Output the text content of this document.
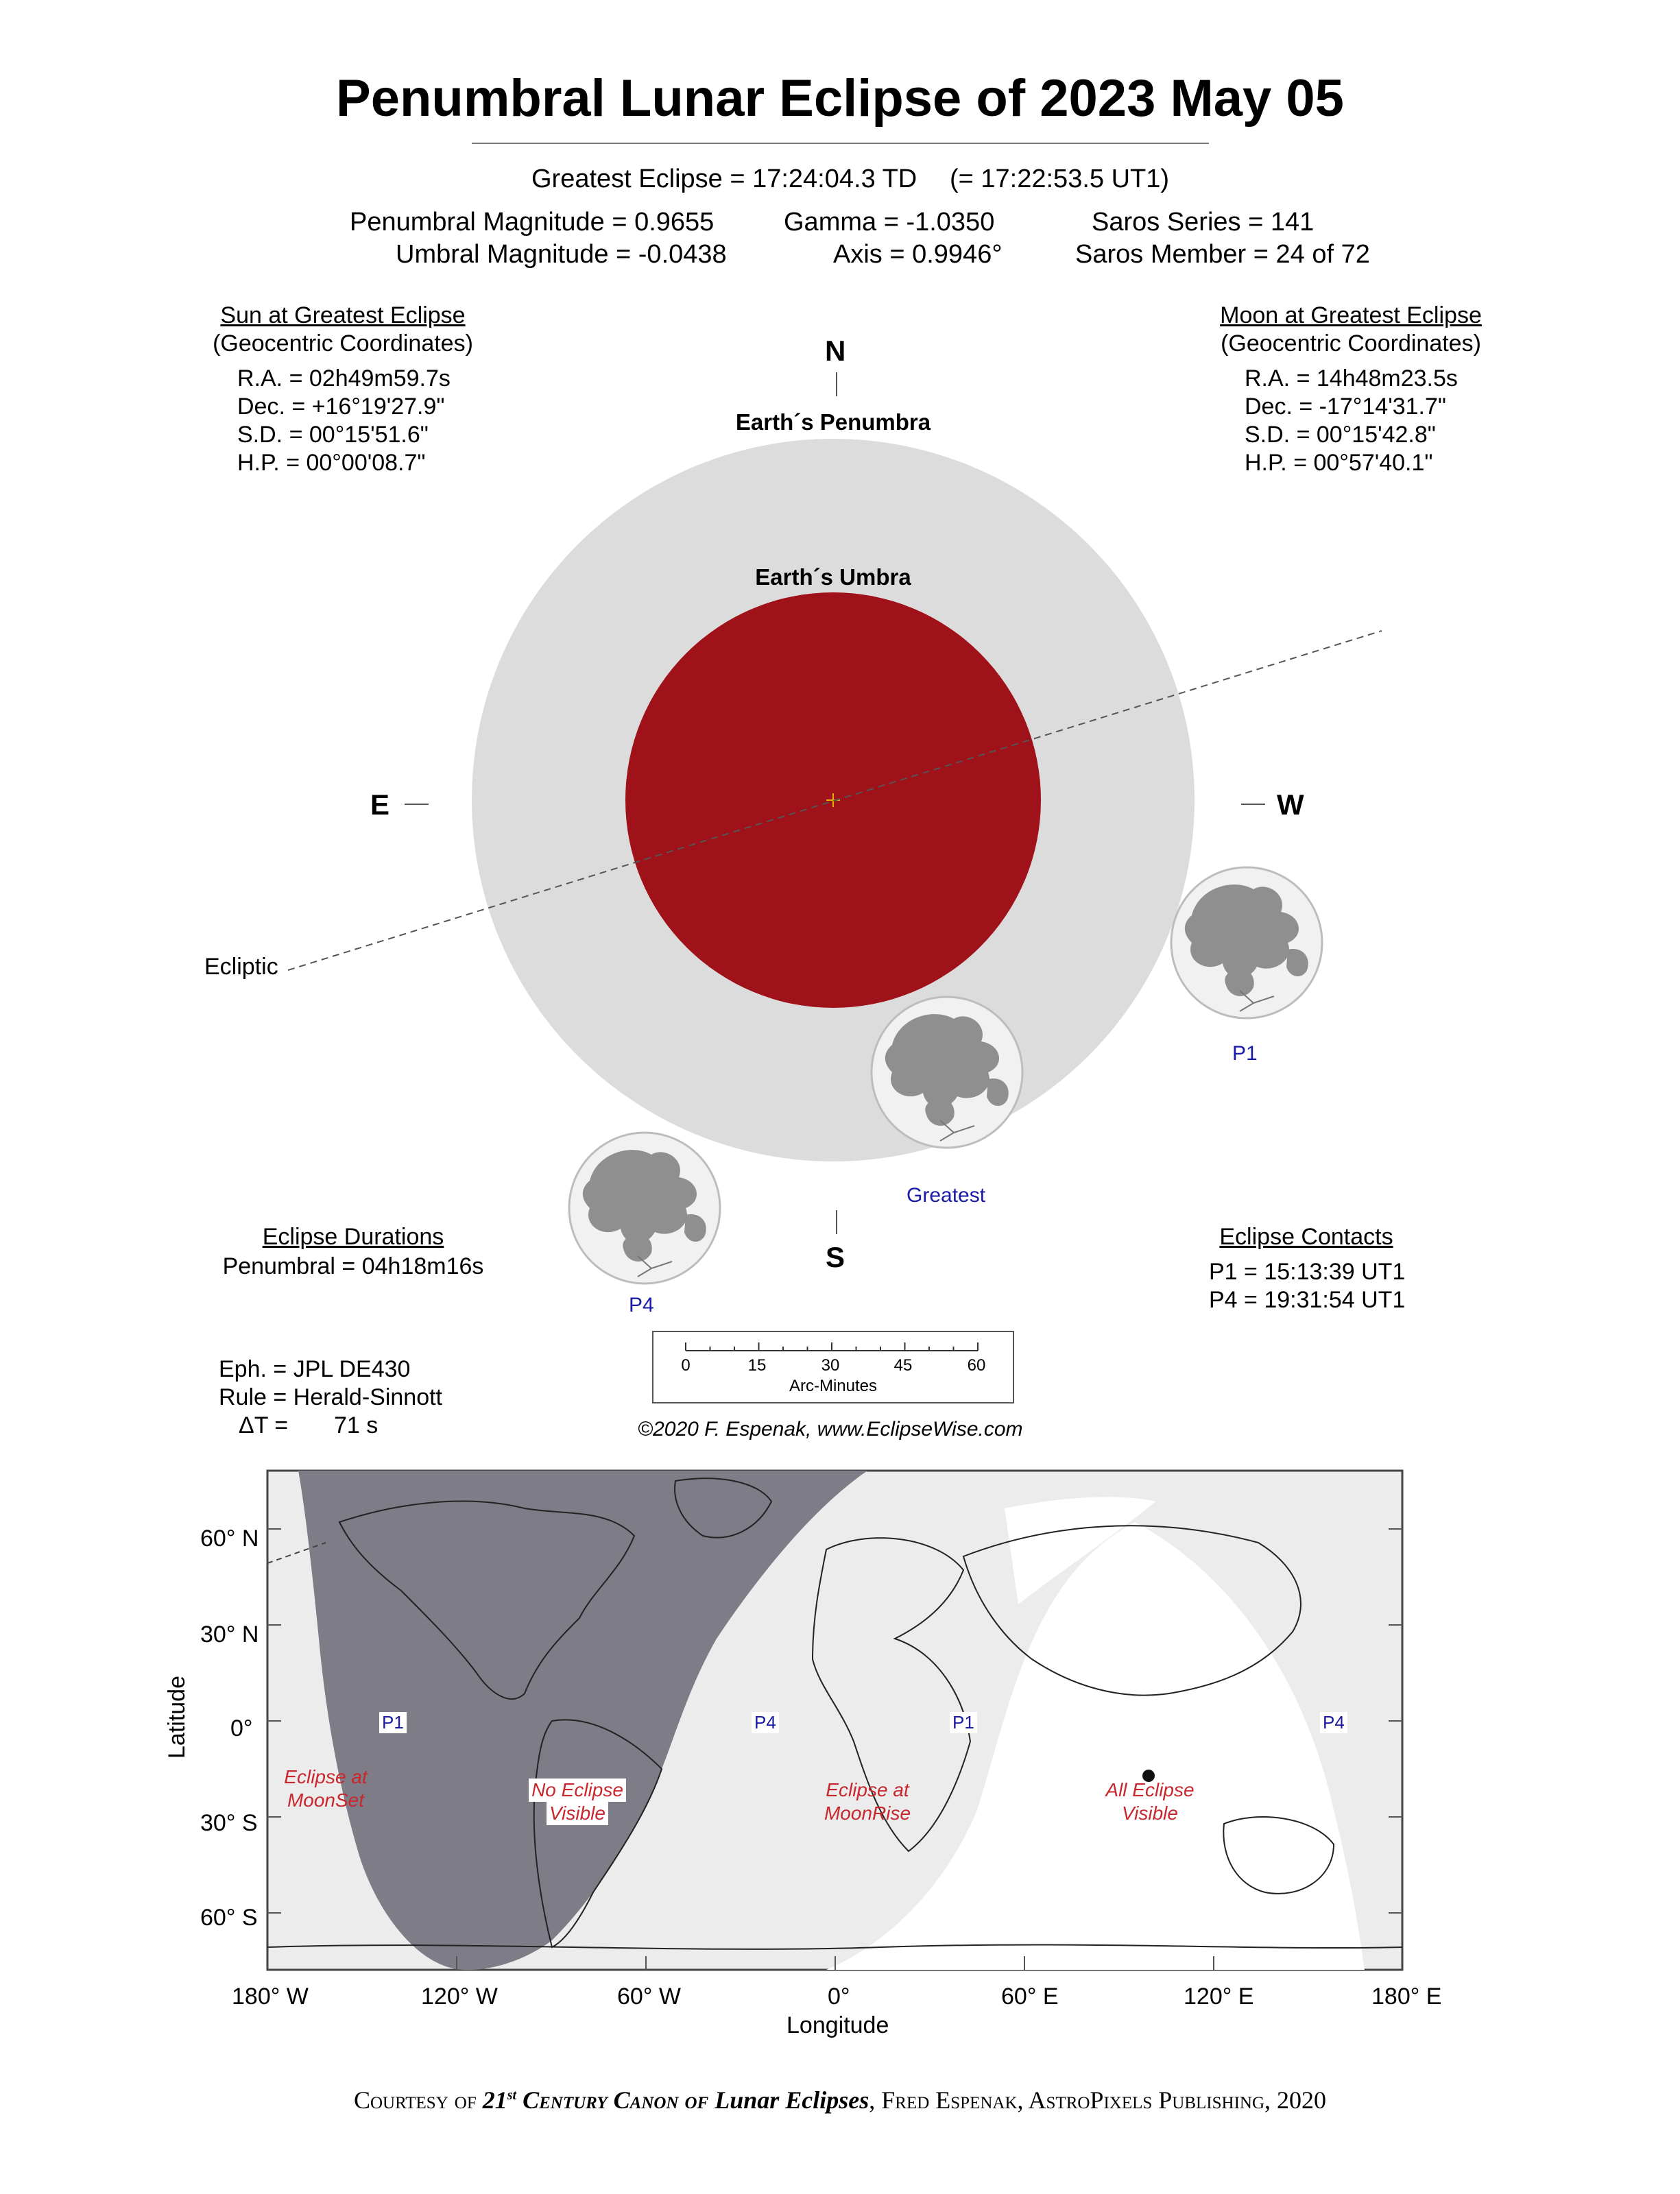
Penumbral Lunar Eclipse of 2023 May 05
Greatest Eclipse = 17:24:04.3 TD (= 17:22:53.5 UT1)
Penumbral Magnitude = 0.9655
Umbral Magnitude = -0.0438
Gamma = -1.0350
Axis = 0.9946°
Saros Series = 141
Saros Member = 24 of 72
Sun at Greatest Eclipse
(Geocentric Coordinates)
R.A. = 02h49m59.7s
Dec. = +16°19'27.9"
S.D. = 00°15'51.6"
H.P. = 00°00'08.7"
Moon at Greatest Eclipse
(Geocentric Coordinates)
R.A. = 14h48m23.5s
Dec. = -17°14'31.7"
S.D. = 00°15'42.8"
H.P. = 00°57'40.1"
N
S
E	W
Earth´s Penumbra
Earth´s Umbra
Ecliptic
P1
Greatest
P4
Eclipse Durations
Penumbral = 04h18m16s
Eclipse Contacts
P1 = 15:13:39 UT1
P4 = 19:31:54 UT1
Eph. = JPL DE430
Rule = Herald-Sinnott
ΔT = 71 s
0	15	30	45	60
Arc-Minutes
©2020 F. Espenak, www.EclipseWise.com
60° N
30° N
0°
30° S
60° S
180° W	120° W	60° W	0°	60° E	120° E	180° E
Longitude
Latitude	P1	P4	P1	P4
Eclipse at
MoonSet	No Eclipse
Visible
Eclipse at
MoonRise
All Eclipse
Visible
Courtesy of 21st Century Canon of Lunar Eclipses, Fred Espenak, AstroPixels Publishing, 2020
